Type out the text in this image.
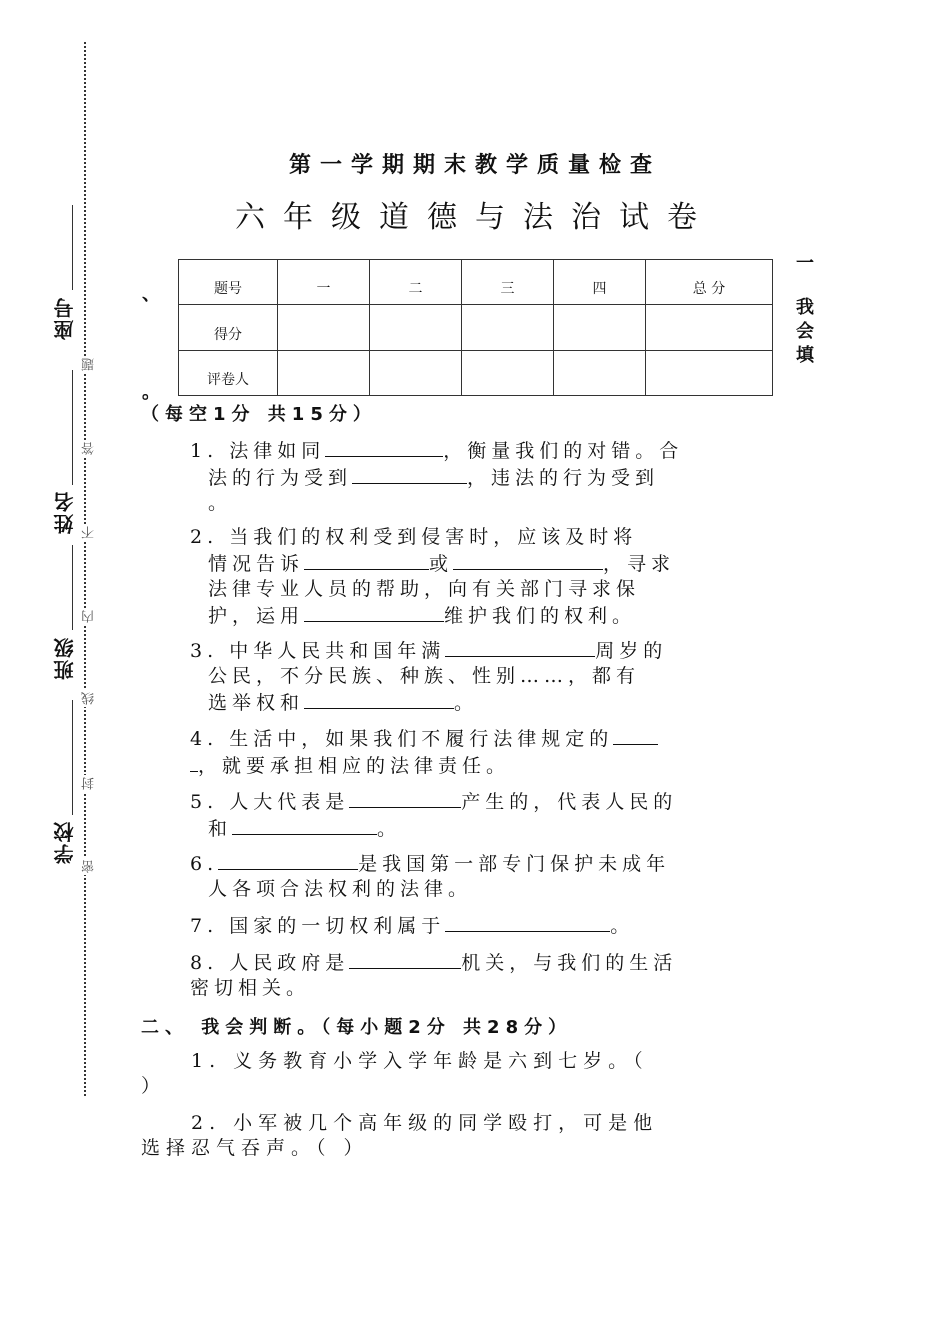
座号
姓名
班级
学校
题
答
不
内
线
封
密
第一学期期末教学质量检查
六年级道德与法治试卷
题号	一	二	三	四	总 分
得分					
评卷人					
、
。
一
我
会
填
（每空1分 共15分）

1. 法律如同	，衡量我们的对错。合

法的行为受到	，违法的行为受到

。

2. 当我们的权利受到侵害时，应该及时将

情况告诉	或	，寻求

法律专业人员的帮助，向有关部门寻求保

护，运用	维护我们的权利。

3. 中华人民共和国年满	周岁的

公民，不分民族、种族、性别……，都有

选举权和	。

4. 生活中，如果我们不履行法律规定的

，就要承担相应的法律责任。

5. 人大代表是	产生的，代表人民的

和	。

6.	是我国第一部专门保护未成年

人各项合法权利的法律。

7. 国家的一切权利属于	。

8. 人民政府是	机关，与我们的生活

密切相关。

二、 我会判断。（每小题2分 共28分）

1. 义务教育小学入学年龄是六到七岁。（

）

2. 小军被几个高年级的同学殴打，可是他

选择忍气吞声。（ ）
